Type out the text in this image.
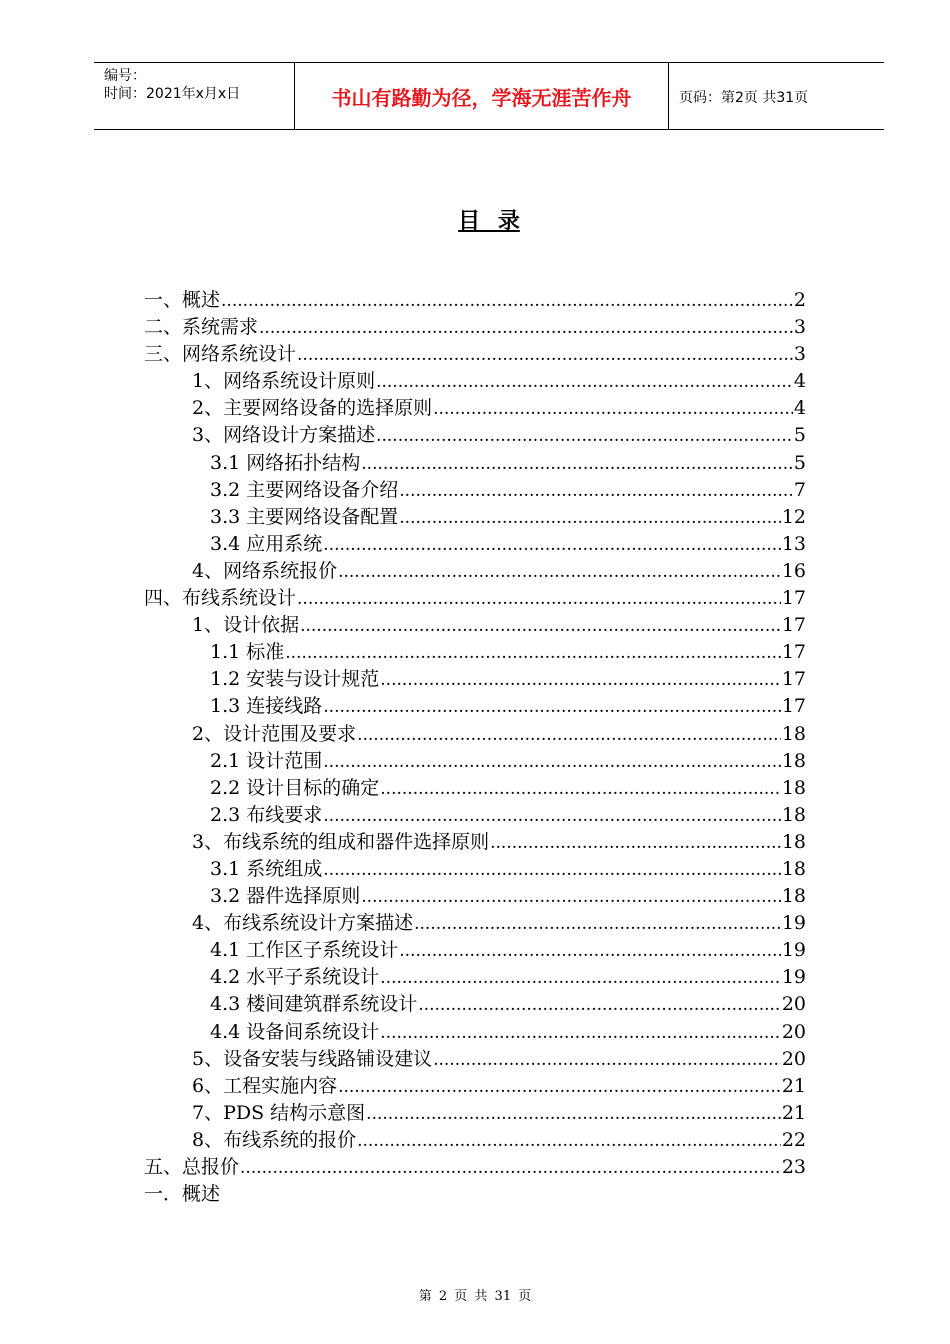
编号：
时间：2021年x月x日	书山有路勤为径，学海无涯苦作舟	页码：第2页 共31页
目 录
一、概述 .....	2
二、系统需求 .....	3
三、网络系统设计 .....	3
1、网络系统设计原则 .....	4
2、主要网络设备的选择原则 .....	4
3、网络设计方案描述 .....	5
3.1 网络拓扑结构 .....	5
3.2 主要网络设备介绍 .....	7
3.3 主要网络设备配置 .....	12
3.4 应用系统 .....	13
4、网络系统报价 .....	16
四、布线系统设计 .....	17
1、设计依据 .....	17
1.1 标准 .....	17
1.2 安装与设计规范 .....	17
1.3 连接线路 .....	17
2、设计范围及要求 .....	18
2.1 设计范围 .....	18
2.2 设计目标的确定 .....	18
2.3 布线要求 .....	18
3、布线系统的组成和器件选择原则 .....	18
3.1 系统组成 .....	18
3.2 器件选择原则 .....	18
4、布线系统设计方案描述 .....	19
4.1 工作区子系统设计 .....	19
4.2 水平子系统设计 .....	19
4.3 楼间建筑群系统设计 .....	20
4.4 设备间系统设计 .....	20
5、设备安装与线路铺设建议 .....	20
6、工程实施内容 .....	21
7、PDS 结构示意图 .....	21
8、布线系统的报价 .....	22
五、总报价 .....	23
一．概述
第 2 页 共 31 页
